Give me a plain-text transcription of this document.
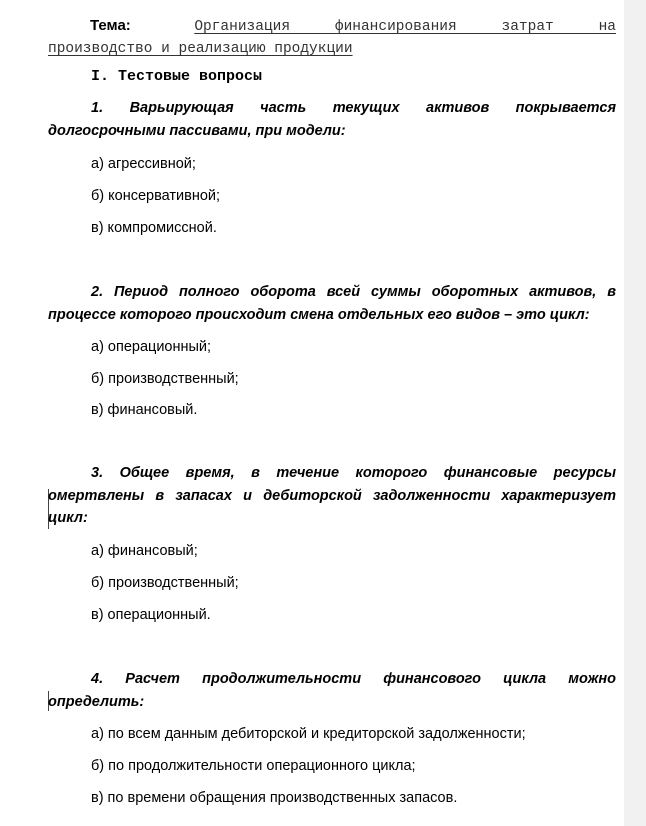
Тема:	Организация финансирования затрат на
производство и реализацию продукции
I. Тестовые вопросы
1. Варьирующая часть текущих активов покрывается долгосрочными пассивами, при модели:
а) агрессивной;
б) консервативной;
в) компромиссной.
2. Период полного оборота всей суммы оборотных активов, в процессе которого происходит смена отдельных его видов – это цикл:
а) операционный;
б) производственный;
в) финансовый.
3. Общее время, в течение которого финансовые ресурсы омертвлены в запасах и дебиторской задолженности характеризует цикл:
а) финансовый;
б) производственный;
в) операционный.
4. Расчет продолжительности финансового цикла можно определить:
а) по всем данным дебиторской и кредиторской задолженности;
б) по продолжительности операционного цикла;
в) по времени обращения производственных запасов.
